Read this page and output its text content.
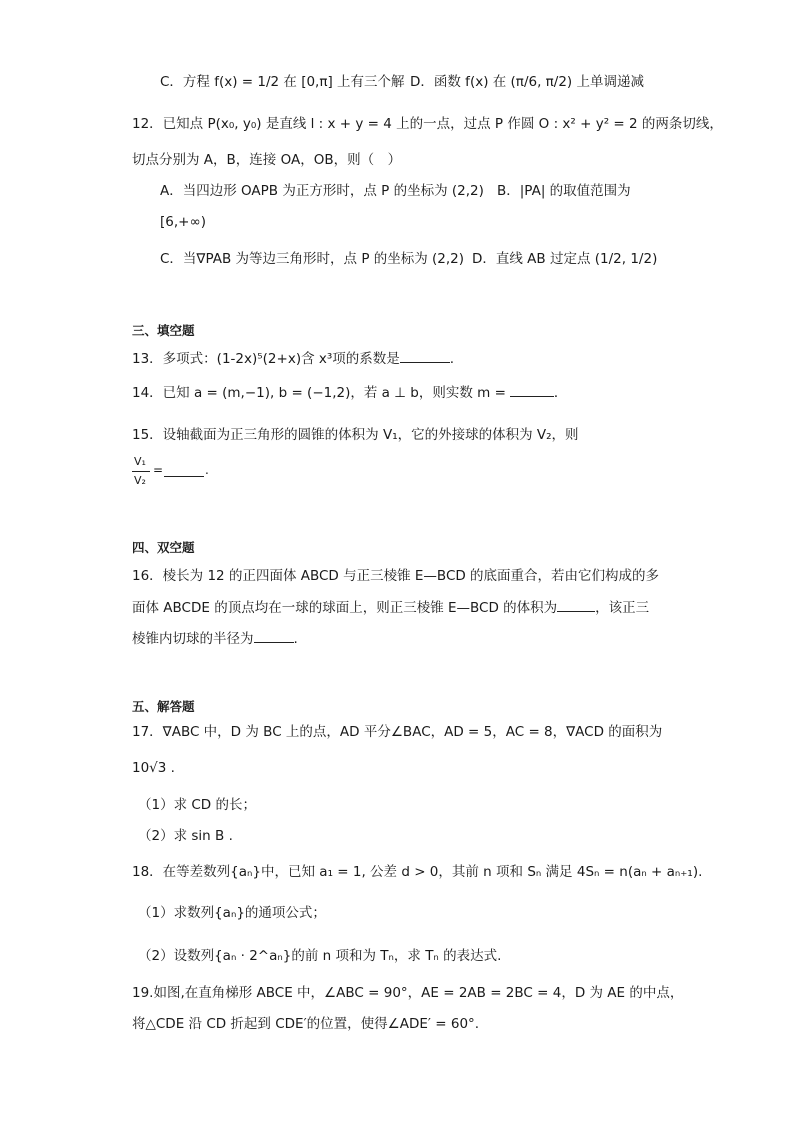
C．方程 f(x) = 1/2 在 [0,π] 上有三个解 D．函数 f(x) 在 (π/6, π/2) 上单调递减
12．已知点 P(x₀, y₀) 是直线 l : x + y = 4 上的一点，过点 P 作圆 O : x² + y² = 2 的两条切线，
切点分别为 A，B，连接 OA，OB，则（　）
A．当四边形 OAPB 为正方形时，点 P 的坐标为 (2,2) B．|PA| 的取值范围为
[6,+∞)
C．当∇PAB 为等边三角形时，点 P 的坐标为 (2,2) D．直线 AB 过定点 (1/2, 1/2)
三、填空题
13．多项式：(1-2x)⁵(2+x)含 x³项的系数是	.
14．已知 a = (m,−1), b = (−1,2)，若 a ⊥ b，则实数 m =	．
15．设轴截面为正三角形的圆锥的体积为 V₁，它的外接球的体积为 V₂，则
V₁
V₂
=	.
四、双空题
16．棱长为 12 的正四面体 ABCD 与正三棱锥 E—BCD 的底面重合，若由它们构成的多
面体 ABCDE 的顶点均在一球的球面上，则正三棱锥 E—BCD 的体积为	，该正三
棱锥内切球的半径为	.
五、解答题
17．∇ABC 中，D 为 BC 上的点，AD 平分∠BAC，AD = 5，AC = 8，∇ACD 的面积为
10√3 .
（1）求 CD 的长；
（2）求 sin B .
18．在等差数列{aₙ}中，已知 a₁ = 1, 公差 d > 0，其前 n 项和 Sₙ 满足 4Sₙ = n(aₙ + aₙ₊₁).
（1）求数列{aₙ}的通项公式；
（2）设数列{aₙ · 2^aₙ}的前 n 项和为 Tₙ，求 Tₙ 的表达式.
19.如图,在直角梯形 ABCE 中，∠ABC = 90°，AE = 2AB = 2BC = 4，D 为 AE 的中点，
将△CDE 沿 CD 折起到 CDE′的位置，使得∠ADE′ = 60°.
